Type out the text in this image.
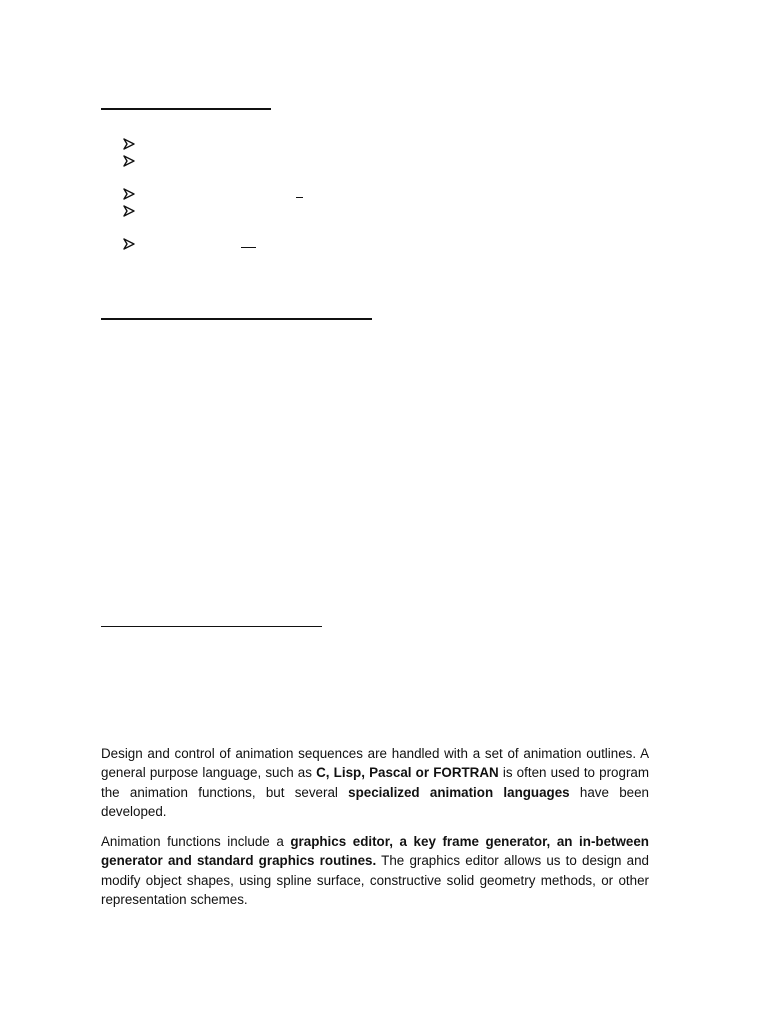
Design and control of animation sequences are handled with a set of animation outlines. A general purpose language, such as C, Lisp, Pascal or FORTRAN is often used to program the animation functions, but several specialized animation languages have been developed.

Animation functions include a graphics editor, a key frame generator, an in-between generator and standard graphics routines. The graphics editor allows us to design and modify object shapes, using spline surface, constructive solid geometry methods, or other representation schemes.
